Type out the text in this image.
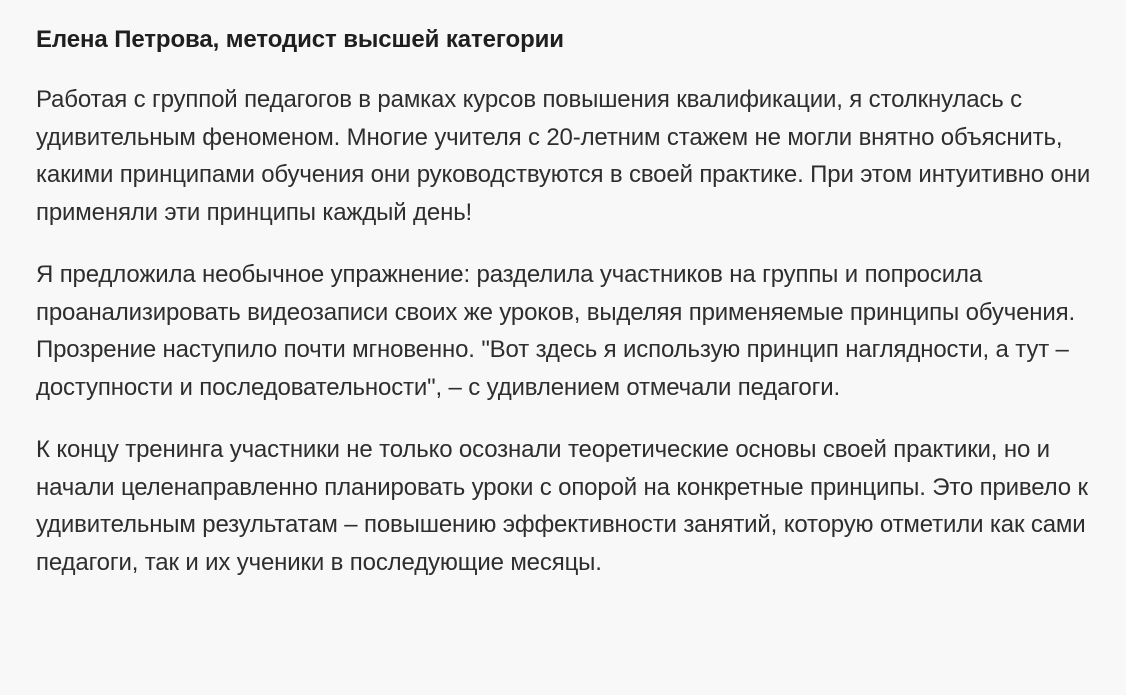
Елена Петрова, методист высшей категории

Работая с группой педагогов в рамках курсов повышения квалификации, я столкнулась с удивительным феноменом. Многие учителя с 20-летним стажем не могли внятно объяснить, какими принципами обучения они руководствуются в своей практике. При этом интуитивно они применяли эти принципы каждый день!

Я предложила необычное упражнение: разделила участников на группы и попросила проанализировать видеозаписи своих же уроков, выделяя применяемые принципы обучения. Прозрение наступило почти мгновенно. "Вот здесь я использую принцип наглядности, а тут – доступности и последовательности", – с удивлением отмечали педагоги.

К концу тренинга участники не только осознали теоретические основы своей практики, но и начали целенаправленно планировать уроки с опорой на конкретные принципы. Это привело к удивительным результатам – повышению эффективности занятий, которую отметили как сами педагоги, так и их ученики в последующие месяцы.
